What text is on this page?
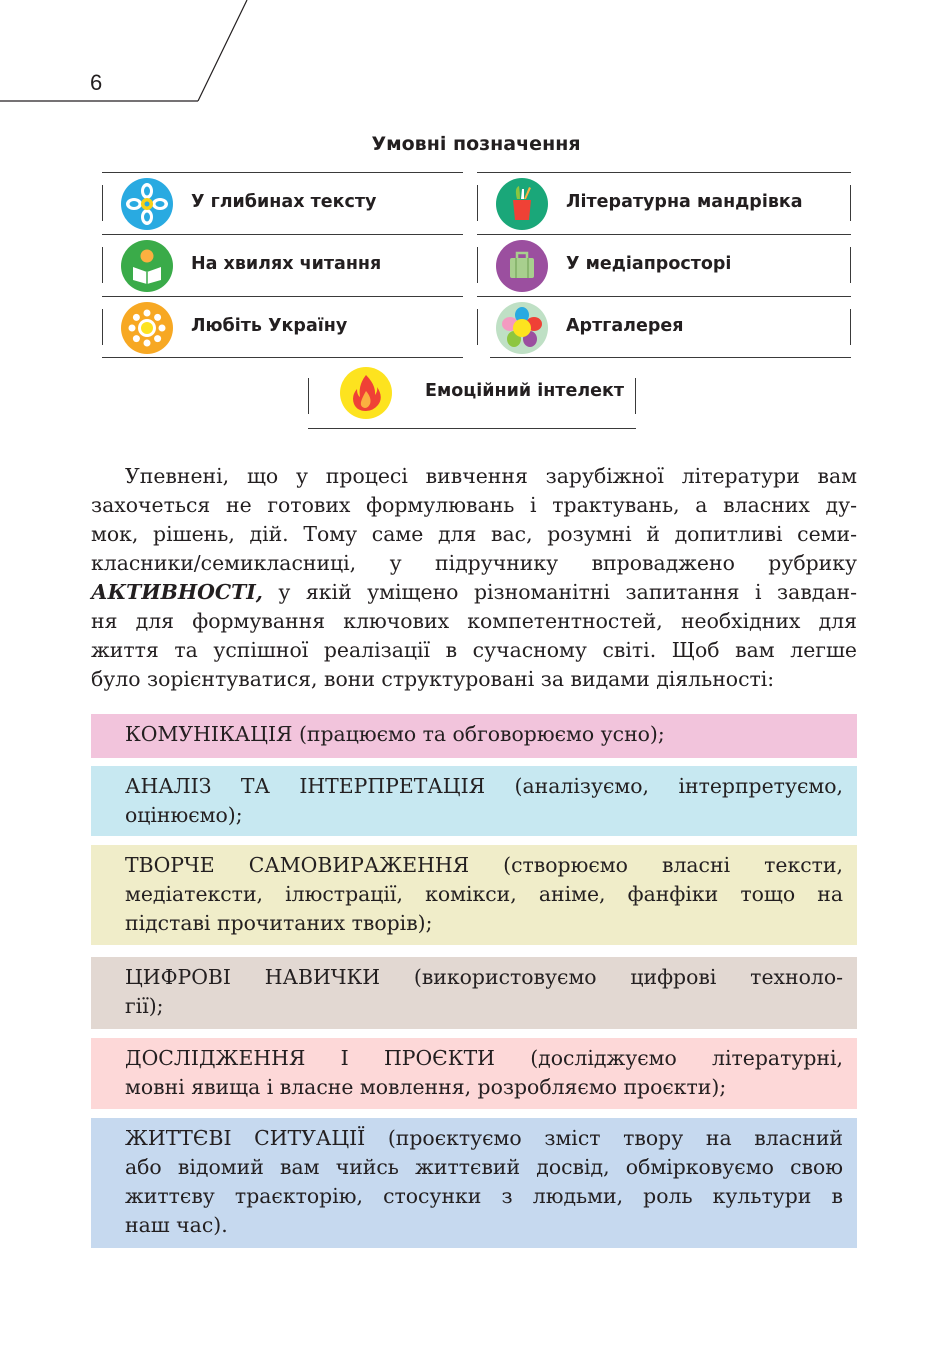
6
Умовні позначення
У глибинах тексту	Літературна мандрівка
На хвилях читання	У медіапросторі
Любіть Україну	Артгалерея
Емоційний інтелект
Упевнені, що у процесі вивчення зарубіжної літератури вам
захочеться не готових формулювань і трактувань, а власних ду-
мок, рішень, дій. Тому саме для вас, розумні й допитливі семи-
класники/семикласниці, у підручнику впроваджено рубрику
АКТИВНОСТІ, у якій уміщено різноманітні запитання і завдан-
ня для формування ключових компетентностей, необхідних для
життя та успішної реалізації в сучасному світі. Щоб вам легше
було зорієнтуватися, вони структуровані за видами діяльності:
КОМУНІКАЦІЯ (працюємо та обговорюємо усно);
АНАЛІЗ ТА ІНТЕРПРЕТАЦІЯ (аналізуємо, інтерпретуємо,
оцінюємо);
ТВОРЧЕ САМОВИРАЖЕННЯ (створюємо власні тексти,
медіатексти, ілюстрації, комікси, аніме, фанфіки тощо на
підставі прочитаних творів);
ЦИФРОВІ НАВИЧКИ (використовуємо цифрові техноло-
гії);
ДОСЛІДЖЕННЯ І ПРОЄКТИ (досліджуємо літературні,
мовні явища і власне мовлення, розробляємо проєкти);
ЖИТТЄВІ СИТУАЦІЇ (проєктуємо зміст твору на власний
або відомий вам чийсь життєвий досвід, обмірковуємо свою
життєву траєкторію, стосунки з людьми, роль культури в
наш час).
